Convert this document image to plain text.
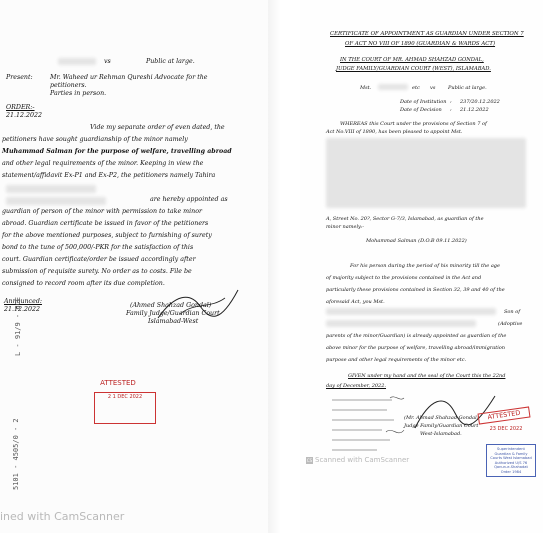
vs	Public at large.
Present:	Mr. Waheed ur Rehman Qureshi Advocate for the
petitioners.
Parties in person.
ORDER:-
21.12.2022
Vide my separate order of even dated, the
petitioners have sought guardianship of the minor namely
Muhammad Salman for the purpose of welfare, travelling abroad
and other legal requirements of the minor. Keeping in view the
statement/affidavit Ex-P1 and Ex-P2, the petitioners namely Tahira
are hereby appointed as
guardian of person of the minor with permission to take minor
abroad. Guardian certificate be issued in favor of the petitioners
for the above mentioned purposes, subject to furnishing of surety
bond to the tune of 500,000/-PKR for the satisfaction of this
court. Guardian certificate/order be issued accordingly after
submission of requisite surety. No order as to costs. File be
consigned to record room after its due completion.
Announced:
21.12.2022
(Ahmed Shahzad Gondal)
Family Judge/Guardian Court
Islamabad-West
ATTESTED
2 1 DEC 2022
L - 91/9 - 6CE
5101 - 4505/0 - 2
ined with CamScanner
CERTIFICATE OF APPOINTMENT AS GUARDIAN UNDER SECTION 7
OF ACT NO VIII OF 1890 (GUARDIAN & WARDS ACT)
IN THE COURT OF MR. AHMAD SHAHZAD GONDAL,
JUDGE FAMILY/GUARDIAN COURT (WEST), ISLAMABAD.
Mst.	etc vs	Public at large.
Date of Institution : 237/20.12.2022
Date of Decision : 21.12.2022
WHEREAS this Court under the provisions of Section 7 of
Act No.VIII of 1890, has been pleased to appoint Mst.
A, Street No. 20?, Sector G-7/3, Islamabad, as guardian of the
minor namely:-
Mohammad Salman (D.O.B 09.11.2022)
For his person during the period of his minority till the age
of majority subject to the provisions contained in the Act and
particularly these provisions contained in Section 32, 39 and 40 of the
aforesaid Act, you Mst.
Son of
(Adoptive
parents of the minor/Guardian) is already appointed as guardian of the
above minor for the purpose of welfare, travelling abroad/immigration
purpose and other legal requirements of the minor etc.
GIVEN under my hand and the seal of the Court this the 22nd
day of December, 2022.
(Mr. Ahmad Shahzad Gondal)
Judge Family/Guardian Court
West-Islamabad.
ATTESTED
23 DEC 2022
Superintendent Guardian & Family Courts West Islamabad Authorized U/S 76 Qanun-e-Shahadat Order 1984
CS Scanned with CamScanner
